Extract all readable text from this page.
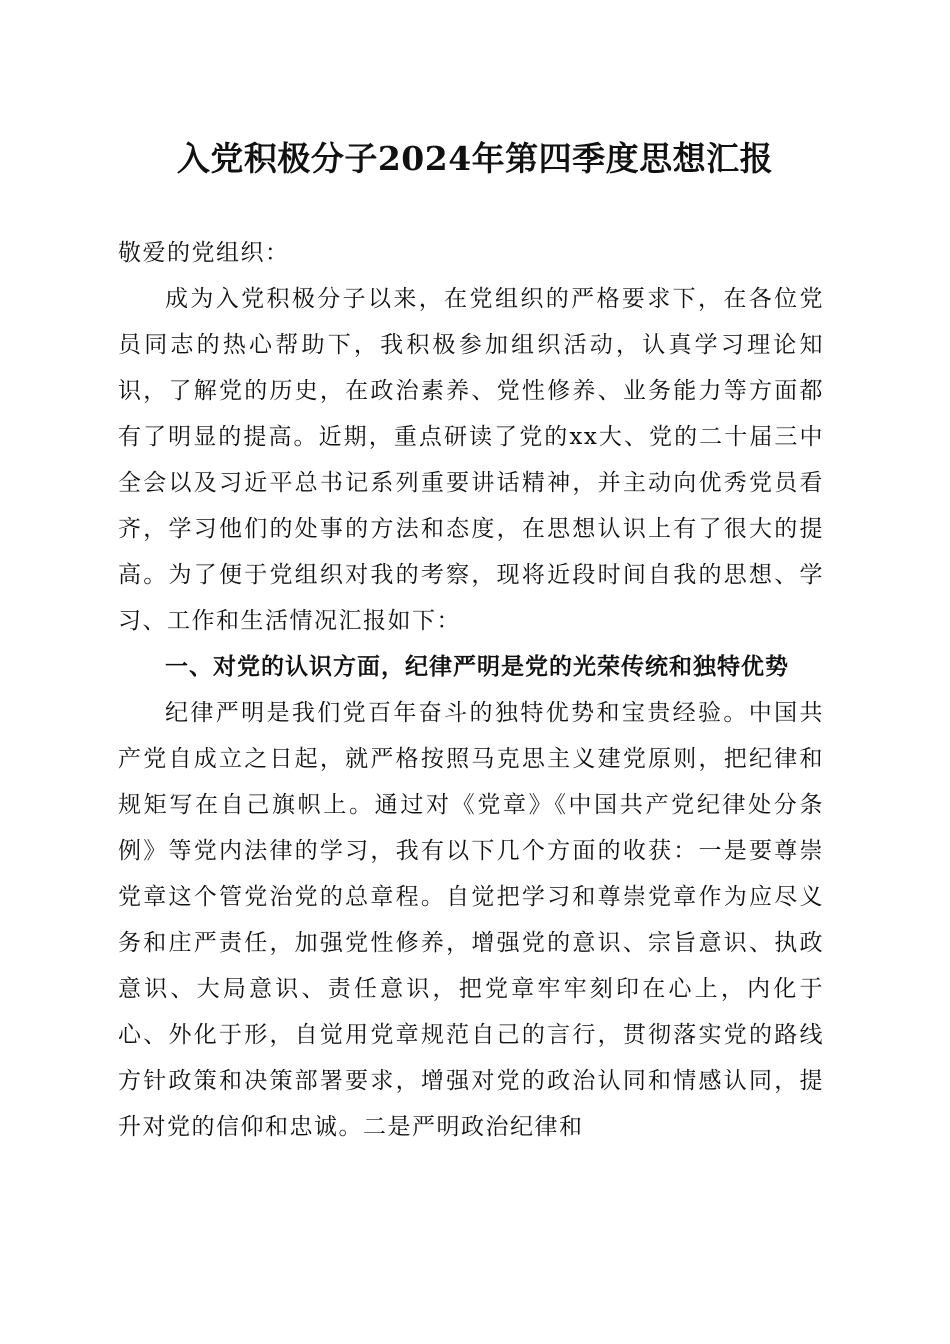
入党积极分子2024年第四季度思想汇报

敬爱的党组织：

成为入党积极分子以来，在党组织的严格要求下，在各位党员同志的热心帮助下，我积极参加组织活动，认真学习理论知识，了解党的历史，在政治素养、党性修养、业务能力等方面都有了明显的提高。近期，重点研读了党的xx大、党的二十届三中全会以及习近平总书记系列重要讲话精神，并主动向优秀党员看齐，学习他们的处事的方法和态度，在思想认识上有了很大的提高。为了便于党组织对我的考察，现将近段时间自我的思想、学习、工作和生活情况汇报如下：

一、对党的认识方面，纪律严明是党的光荣传统和独特优势

纪律严明是我们党百年奋斗的独特优势和宝贵经验。中国共产党自成立之日起，就严格按照马克思主义建党原则，把纪律和规矩写在自己旗帜上。通过对《党章》《中国共产党纪律处分条例》等党内法律的学习，我有以下几个方面的收获：一是要尊崇党章这个管党治党的总章程。自觉把学习和尊崇党章作为应尽义务和庄严责任，加强党性修养，增强党的意识、宗旨意识、执政意识、大局意识、责任意识，把党章牢牢刻印在心上，内化于心、外化于形，自觉用党章规范自己的言行，贯彻落实党的路线方针政策和决策部署要求，增强对党的政治认同和情感认同，提升对党的信仰和忠诚。二是严明政治纪律和
